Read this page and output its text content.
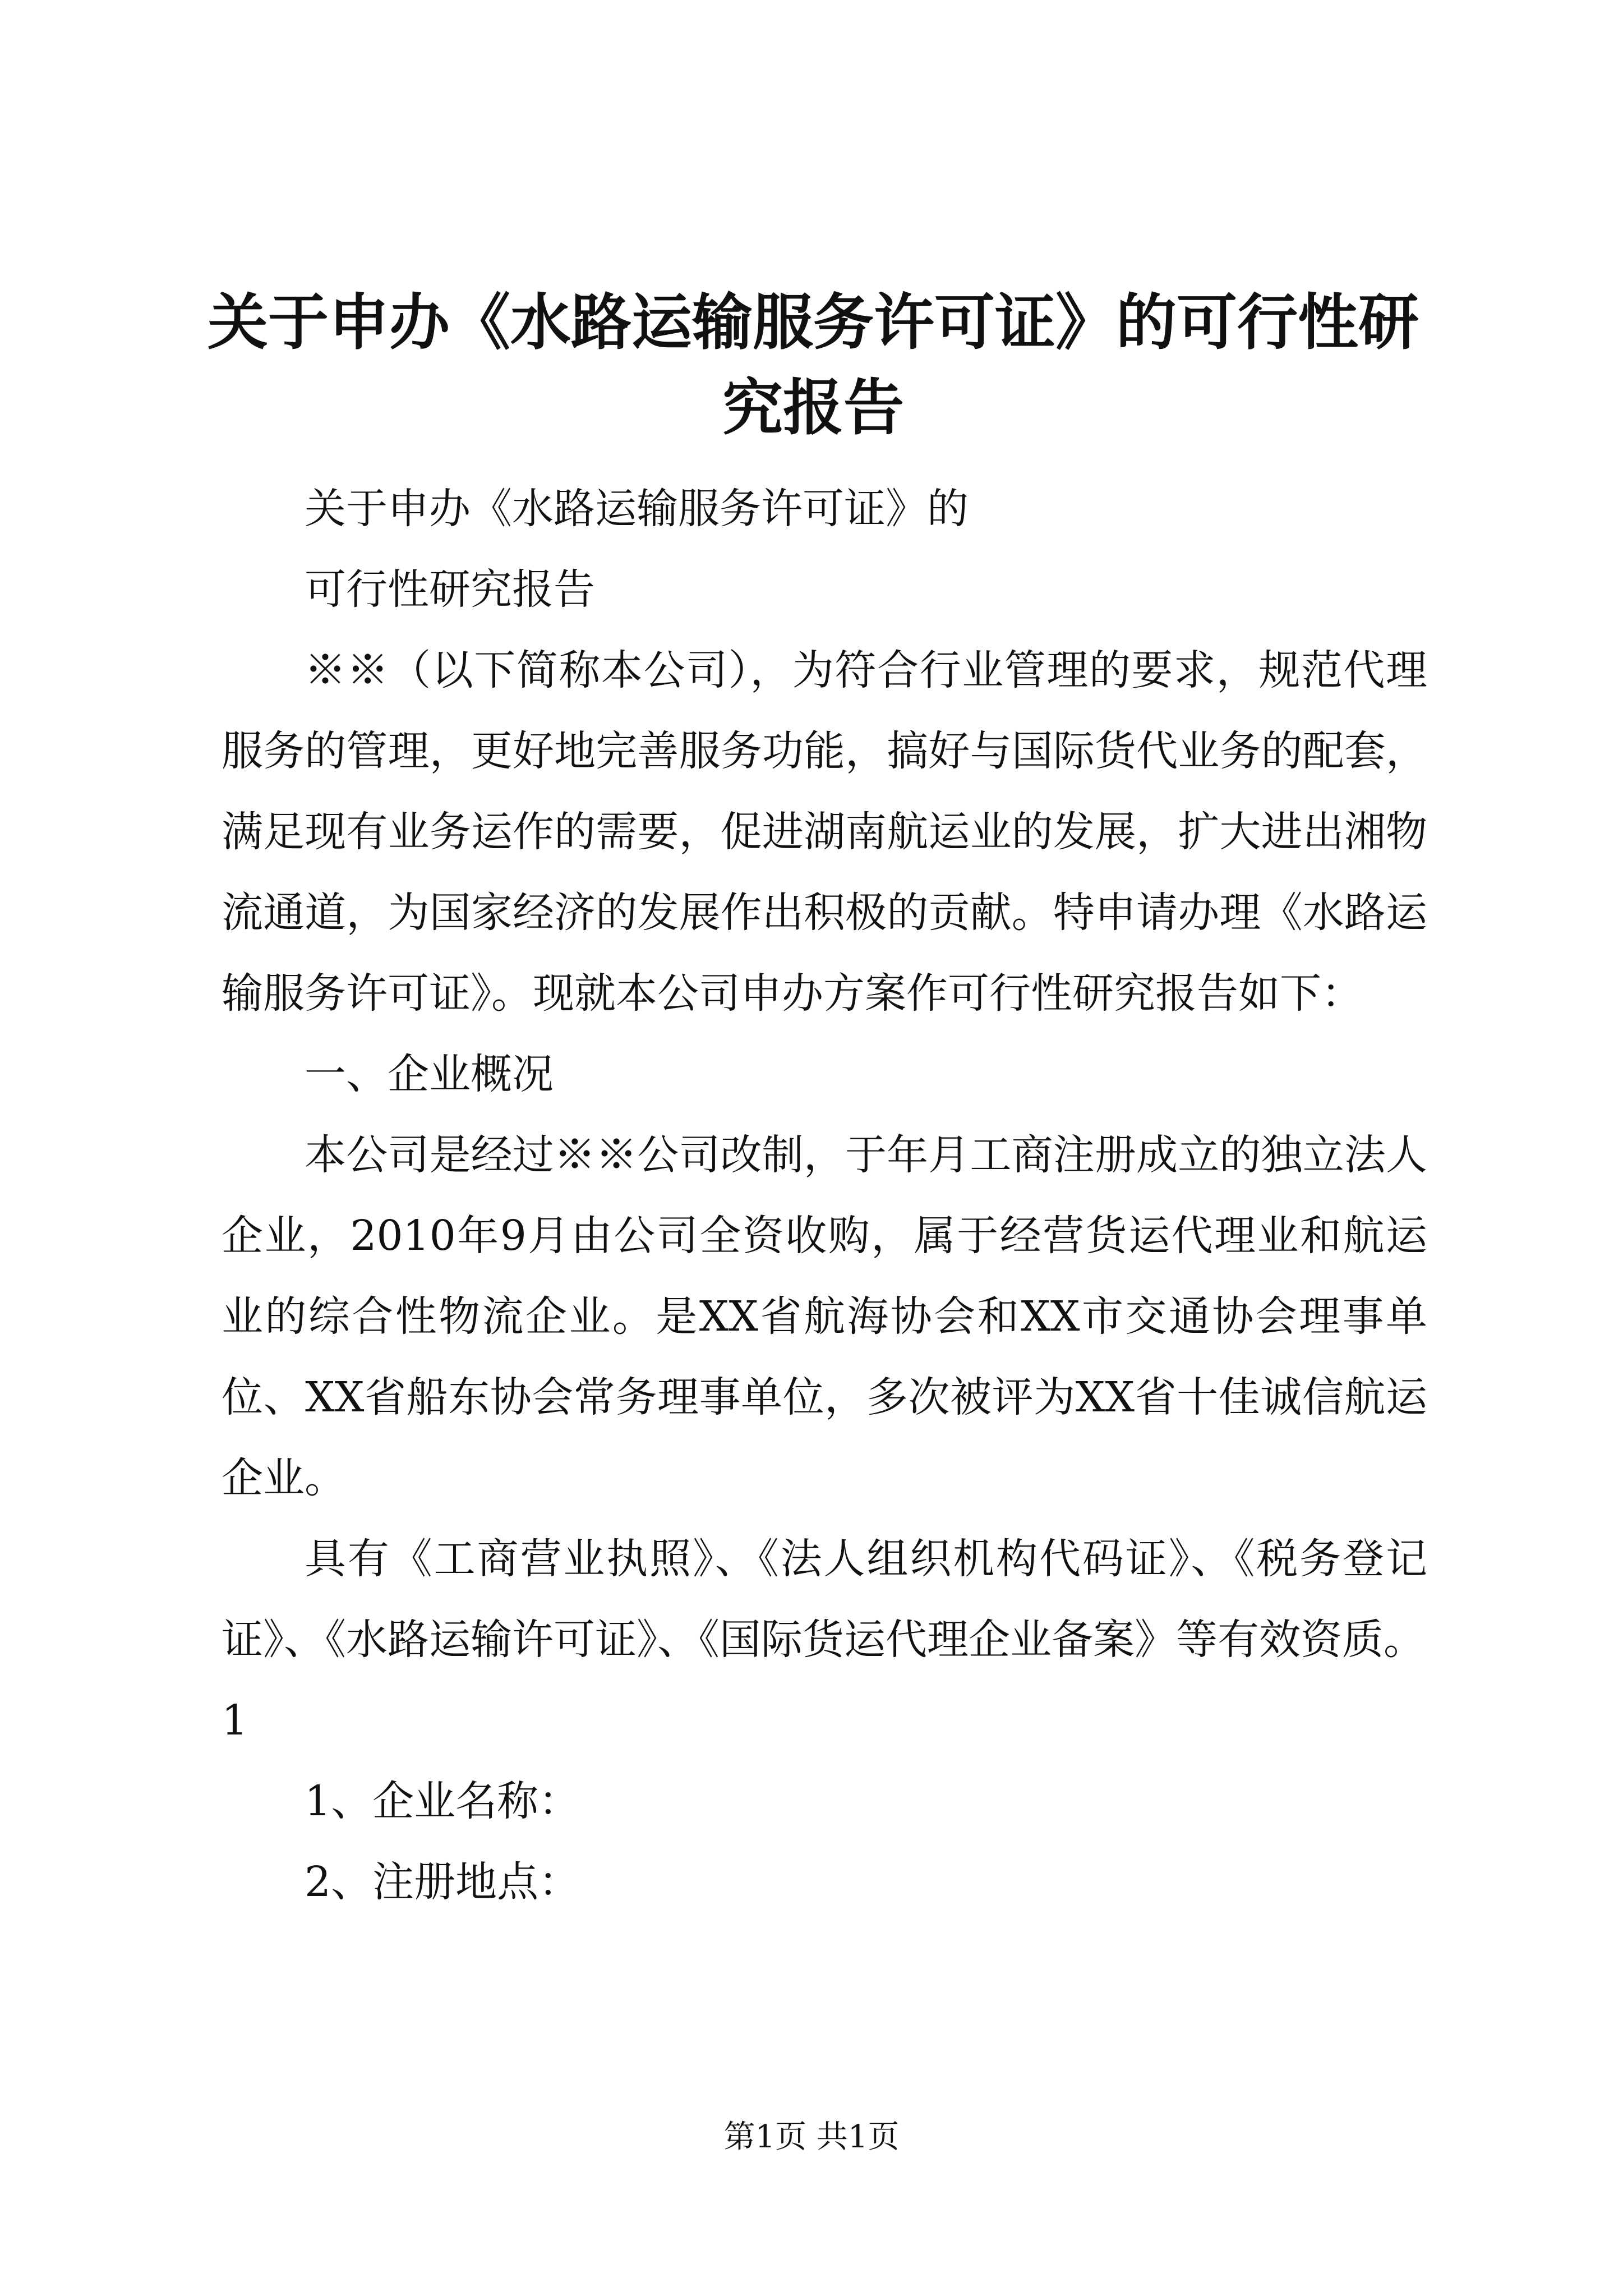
关于申办《水路运输服务许可证》的可行性研究报告

关于申办《水路运输服务许可证》的

可行性研究报告

※※（以下简称本公司），为符合行业管理的要求，规范代理服务的管理，更好地完善服务功能，搞好与国际货代业务的配套，满足现有业务运作的需要，促进湖南航运业的发展，扩大进出湘物流通道，为国家经济的发展作出积极的贡献。特申请办理《水路运输服务许可证》。现就本公司申办方案作可行性研究报告如下：

一、企业概况

本公司是经过※※公司改制，于年月工商注册成立的独立法人企业，2010年9月由公司全资收购，属于经营货运代理业和航运业的综合性物流企业。是XX省航海协会和XX市交通协会理事单位、XX省船东协会常务理事单位，多次被评为XX省十佳诚信航运企业。

具有《工商营业执照》、《法人组织机构代码证》、《税务登记证》、《水路运输许可证》、《国际货运代理企业备案》等有效资质。

1

1、企业名称：

2、注册地点：

第1页 共1页
